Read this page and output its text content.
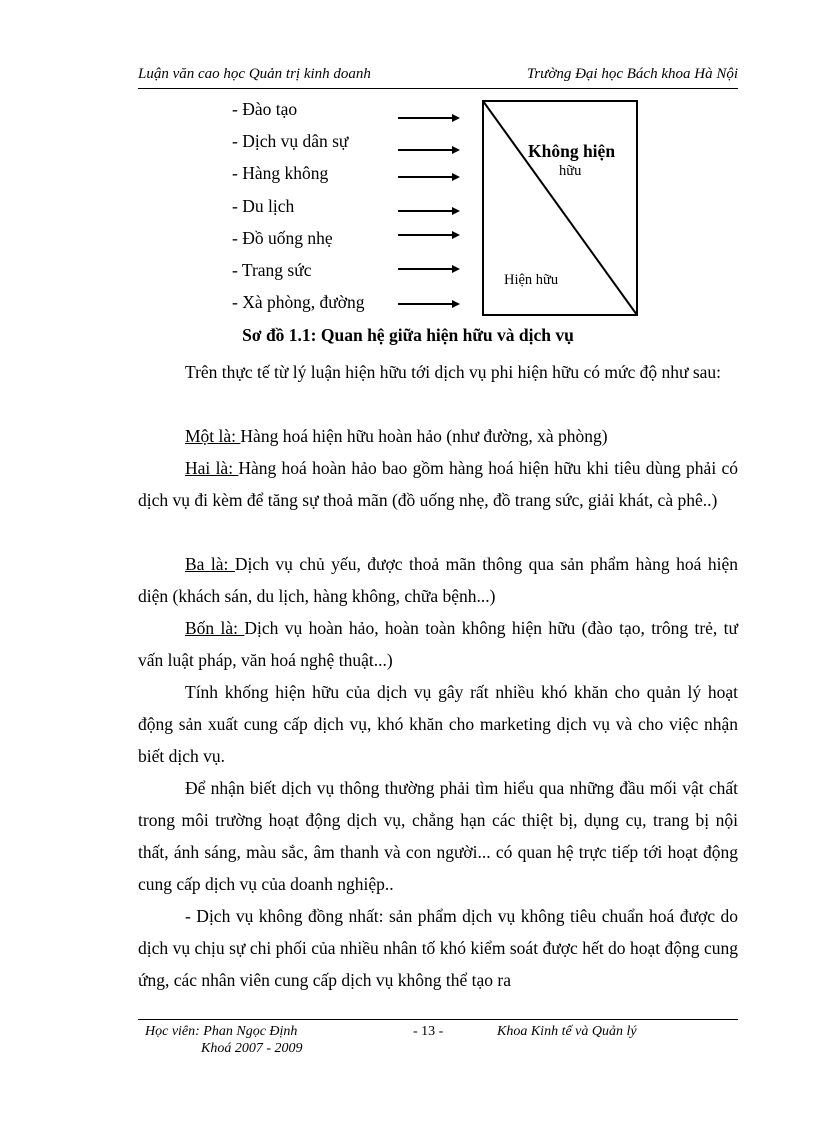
Luận văn cao học Quản trị kinh doanh	Trường Đại học Bách khoa Hà Nội
- Đào tạo
- Dịch vụ dân sự
- Hàng không
- Du lịch
- Đồ uống nhẹ
- Trang sức
- Xà phòng, đường
Không hiện
hữu
Hiện hữu
Sơ đồ 1.1: Quan hệ giữa hiện hữu và dịch vụ

Trên thực tế từ lý luận hiện hữu tới dịch vụ phi hiện hữu có mức độ như sau:

Một là: Hàng hoá hiện hữu hoàn hảo (như đường, xà phòng)

Hai là: Hàng hoá hoàn hảo bao gồm hàng hoá hiện hữu khi tiêu dùng phải có dịch vụ đi kèm để tăng sự thoả mãn (đồ uống nhẹ, đồ trang sức, giải khát, cà phê..)

Ba là: Dịch vụ chủ yếu, được thoả mãn thông qua sản phẩm hàng hoá hiện diện (khách sán, du lịch, hàng không, chữa bệnh...)

Bốn là: Dịch vụ hoàn hảo, hoàn toàn không hiện hữu (đào tạo, trông trẻ, tư vấn luật pháp, văn hoá nghệ thuật...)

Tính khống hiện hữu của dịch vụ gây rất nhiều khó khăn cho quản lý hoạt động sản xuất cung cấp dịch vụ, khó khăn cho marketing dịch vụ và cho việc nhận biết dịch vụ.

Để nhận biết dịch vụ thông thường phải tìm hiểu qua những đầu mối vật chất trong môi trường hoạt động dịch vụ, chẳng hạn các thiệt bị, dụng cụ, trang bị nội thất, ánh sáng, màu sắc, âm thanh và con người... có quan hệ trực tiếp tới hoạt động cung cấp dịch vụ của doanh nghiệp..

- Dịch vụ không đồng nhất: sản phẩm dịch vụ không tiêu chuẩn hoá được do dịch vụ chịu sự chi phối của nhiều nhân tố khó kiểm soát được hết do hoạt động cung ứng, các nhân viên cung cấp dịch vụ không thể tạo ra

Học viên: Phan Ngọc Định
Khoá 2007 - 2009
- 13 -	Khoa Kinh tế và Quản lý
